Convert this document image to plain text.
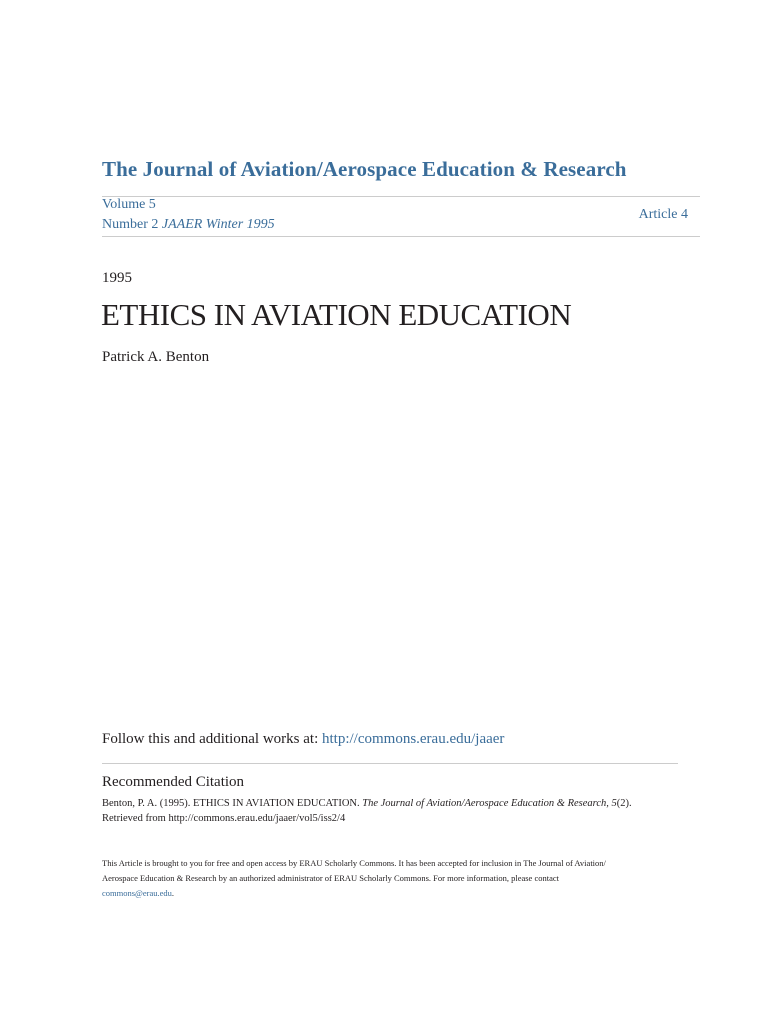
The Journal of Aviation/Aerospace Education & Research
Volume 5
Number 2 JAAER Winter 1995
Article 4
1995
ETHICS IN AVIATION EDUCATION
Patrick A. Benton
Follow this and additional works at: http://commons.erau.edu/jaaer
Recommended Citation
Benton, P. A. (1995). ETHICS IN AVIATION EDUCATION. The Journal of Aviation/Aerospace Education & Research, 5(2).
Retrieved from http://commons.erau.edu/jaaer/vol5/iss2/4
This Article is brought to you for free and open access by ERAU Scholarly Commons. It has been accepted for inclusion in The Journal of Aviation/
Aerospace Education & Research by an authorized administrator of ERAU Scholarly Commons. For more information, please contact
commons@erau.edu.
